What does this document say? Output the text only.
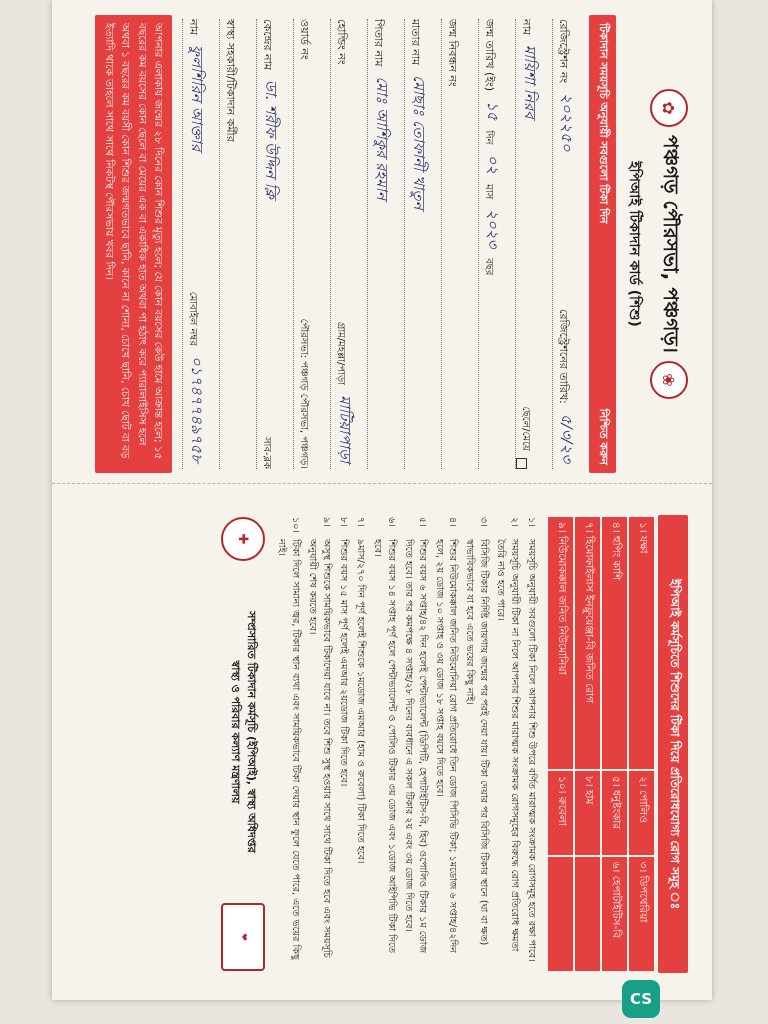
✿
পঞ্চগড় পৌরসভা, পঞ্চগড়।
❀
ইপিআই টিকাদান কার্ড (শিশু)
টিকাদান সময়সূচি অনুযায়ী সবগুলো টিকা দিন
নিশ্চিত করুন
রেজিস্ট্রেশন নং
২০২২৫০
রেজিস্ট্রেশনের তারিখ:
৫/৩/২৩
নাম
মায়িশা নিরব
ছেলে/মেয়ে
জন্ম তারিখ (ইং)
১৫
দিন
০২
মাস
২০২৩
বছর
জন্ম নিবন্ধন নং
মাতার নাম
মোছাঃ তোফানী খাতুন
পিতার নাম
মোঃ আশিকুর রহমান
হোল্ডিং নং
গ্রাম/মহল্লা/পাড়া
মাটিয়াপাড়া
ওয়ার্ড নং
পৌরসভা: পঞ্চগড় পৌরসভা, পঞ্চগড়।
কেন্দ্রের নাম
ডা. শরীফ উদ্দিন ক্লি
সাব-ব্লক
স্বাস্থ্য সহকারী/টিকাদান কর্মীর
নাম
ফুলশিরিন আক্তার
মোবাইল নম্বর
০১৭৪৭৭৪৯৭৫৮
আপনার এলাকায় জন্মের ২৮ দিনের কোন শিশুর মৃত্যু হলে; যে কোন বয়সের কেউ হামে আক্রান্ত হলে; ১৫ বছরের কম বয়সের কোন ছেলে বা মেয়ের এক বা একাধিক হাত অথবা পা হঠাৎ করে প্যারালাইসিস হলে অথবা ১ বছরের কম বয়সী কোন শিশুর জন্মগতভাবে ছানি, কানে না শোনা, চোখে ছানি, চোখ ছোট বা বড় ইত্যাদি থাকে তাহলে সাথে সাথে নিকটস্থ পৌরসভায় খবর দিন।
ইপিআই কর্মসূচিতে শিশুদের টিকা দিয়ে প্রতিরোধযোগ্য রোগ সমূহ ঃ
১। যক্ষা	২। পোলিও	৩। ডিপথেরিয়া
৪। হুপিং কাশি	৫। ধনুষ্টংকার	৬। হেপাটাইটিস-বি
৭। হিমোফাইলাস ইনফ্লুয়েঞ্জা-বি জনিত রোগ	৮। হাম	
৯। নিউমোকক্কাল জনিত নিউমোনিয়া	১০। রুবেলা	
১।
সময়সূচি অনুযায়ী সবগুলো টিকা নিলে আপনার শিশু উপরে বর্ণিত মারাত্মক সংক্রামক রোগসমূহ হতে রক্ষা পাবে।
২।
সময়সূচি অনুযায়ী টিকা না নিলে আপনার শিশুর মারাত্মক সংক্রামক রোগসমূহের বিরুদ্ধে রোগ প্রতিরোধ ক্ষমতা তৈরি নাও হতে পারে।
৩।
বিসিজি টিকার নির্দিষ্ট জায়গায় জন্মের পর পরই দেয়া যায়। টিকা দেয়ার পর বিসিজি টিকার স্থানে (ঘা বা ক্ষত) স্বাভাবিকভাবে যা হবে এতে ভয়ের কিছু নাই।
৪।
শিশুর নিউমোকক্কাল জনিত নিউমোনিয়া রোগ প্রতিরোধে তিন ডোজ পিসিভি টিকা; ১মডোজ ৬ সপ্তাহ/৪২দিন হলে, ২য় ডোজ ১০ সপ্তাহ ও ৩য় ডোজ ১৮ সপ্তাহ বয়সে দিতে হবে।
৫।
শিশুর বয়স ৬ সপ্তাহ/৪২ দিন হলেই পেন্টাভ্যালেন্ট (ডিপিটি, হেপাটাইটিস-বি, হিব) ওপোলিও টিকার ১ম ডোজ দিতে হবে। তার পর কমপক্ষে ৪ সপ্তাহ/২৮ দিনের ব্যবধানে এ সকল টিকার ২য় এবং ৩য় ডোজ দিতে হবে।
৬।
শিশুর বয়স ১৪ সপ্তাহ পূর্ণ হলে পেন্টাভ্যালেন্ট ও পোলিও টিকার ৩য় ডোজ এবং ১ডোজ আইপিভি টিকা দিতে হবে।
৭।
৯মাস/২৭০ দিন পূর্ণ হলেই শিশুকে ১মডোজ এমআর (হাম ও রুবেলা) টিকা দিতে হবে।
৮।
শিশুর বয়স ১৫ মাস পূর্ণ হলেই এমআর ২য়ডোজ টিকা দিতে হবে।
৯।
অসুস্থ শিশুকে সাময়িকভাবে টিকাদেয়া যাবে না। তবে শিশু সুস্থ হওয়ার সাথে সাথে টিকা দিতে হবে এবং সময়সূচি অনুযায়ী শেষ করতে হবে।
১০।
টিকা দিলে সামান্য জ্বর, টিকার স্থান ব্যথা এবং সাময়িকভাবে টিকা দেয়ার স্থান ফুলে যেতে পারে, এতে ভয়ের কিছু নাই।
✚
সম্প্রসারিত টিকাদান কর্মসূচি (ইপিআই), স্বাস্থ্য অধিদপ্তর
স্বাস্থ্য ও পরিবার কল্যাণ মন্ত্রণালয়
❤
CS
